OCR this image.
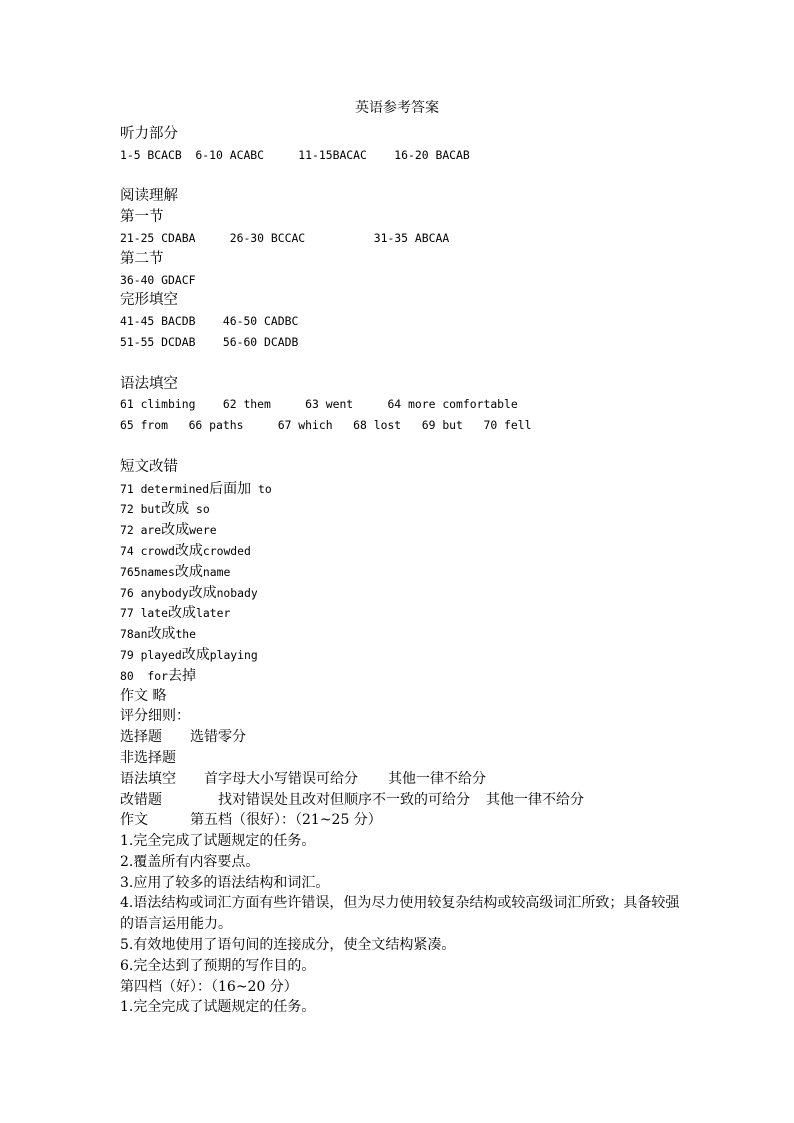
英语参考答案
听力部分
1-5 BCACB  6-10 ACABC     11-15BACAC    16-20 BACAB
阅读理解
第一节
21-25 CDABA     26-30 BCCAC          31-35 ABCAA
第二节
36-40 GDACF
完形填空
41-45 BACDB    46-50 CADBC
51-55 DCDAB    56-60 DCADB
语法填空
61 climbing    62 them     63 went     64 more comfortable
65 from   66 paths     67 which   68 lost   69 but   70 fell
短文改错
71 determined后面加 to
72 but改成 so
72 are改成were
74 crowd改成crowded
765names改成name
76 anybody改成nobady
77 late改成later
78an改成the
79 played改成playing
80  for去掉
作文 略
评分细则：
选择题	选错零分
非选择题
语法填空	首字母大小写错误可给分	其他一律不给分
改错题	找对错误处且改对但顺序不一致的可给分	其他一律不给分
作文	第五档（很好）：（21~25 分）
1.完全完成了试题规定的任务。
2.覆盖所有内容要点。
3.应用了较多的语法结构和词汇。
4.语法结构或词汇方面有些许错误，但为尽力使用较复杂结构或较高级词汇所致；具备较强的语言运用能力。
5.有效地使用了语句间的连接成分，使全文结构紧凑。
6.完全达到了预期的写作目的。
第四档（好）：（16~20 分）
1.完全完成了试题规定的任务。
